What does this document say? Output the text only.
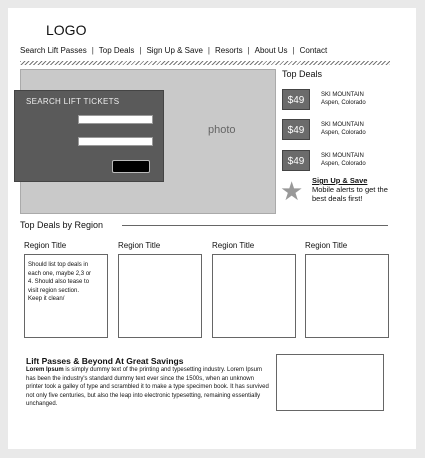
LOGO
Search Lift Passes | Top Deals | Sign Up & Save | Resorts | About Us | Contact
photo
SEARCH LIFT TICKETS
Top Deals
$49	SKI MOUNTAIN
Aspen, Colorado
$49	SKI MOUNTAIN
Aspen, Colorado
$49	SKI MOUNTAIN
Aspen, Colorado
★ Sign Up & Save
Mobile alerts to get the best deals first!
Top Deals by Region
Region Title
Should list top deals in each one, maybe 2,3 or 4. Should also tease to visit region section. Keep it clean/
Region Title	Region Title	Region Title
Lift Passes & Beyond At Great Savings
Lorem Ipsum is simply dummy text of the printing and typesetting industry. Lorem Ipsum has been the industry's standard dummy text ever since the 1500s, when an unknown printer took a galley of type and scrambled it to make a type specimen book. It has survived not only five centuries, but also the leap into electronic typesetting, remaining essentially unchanged.
